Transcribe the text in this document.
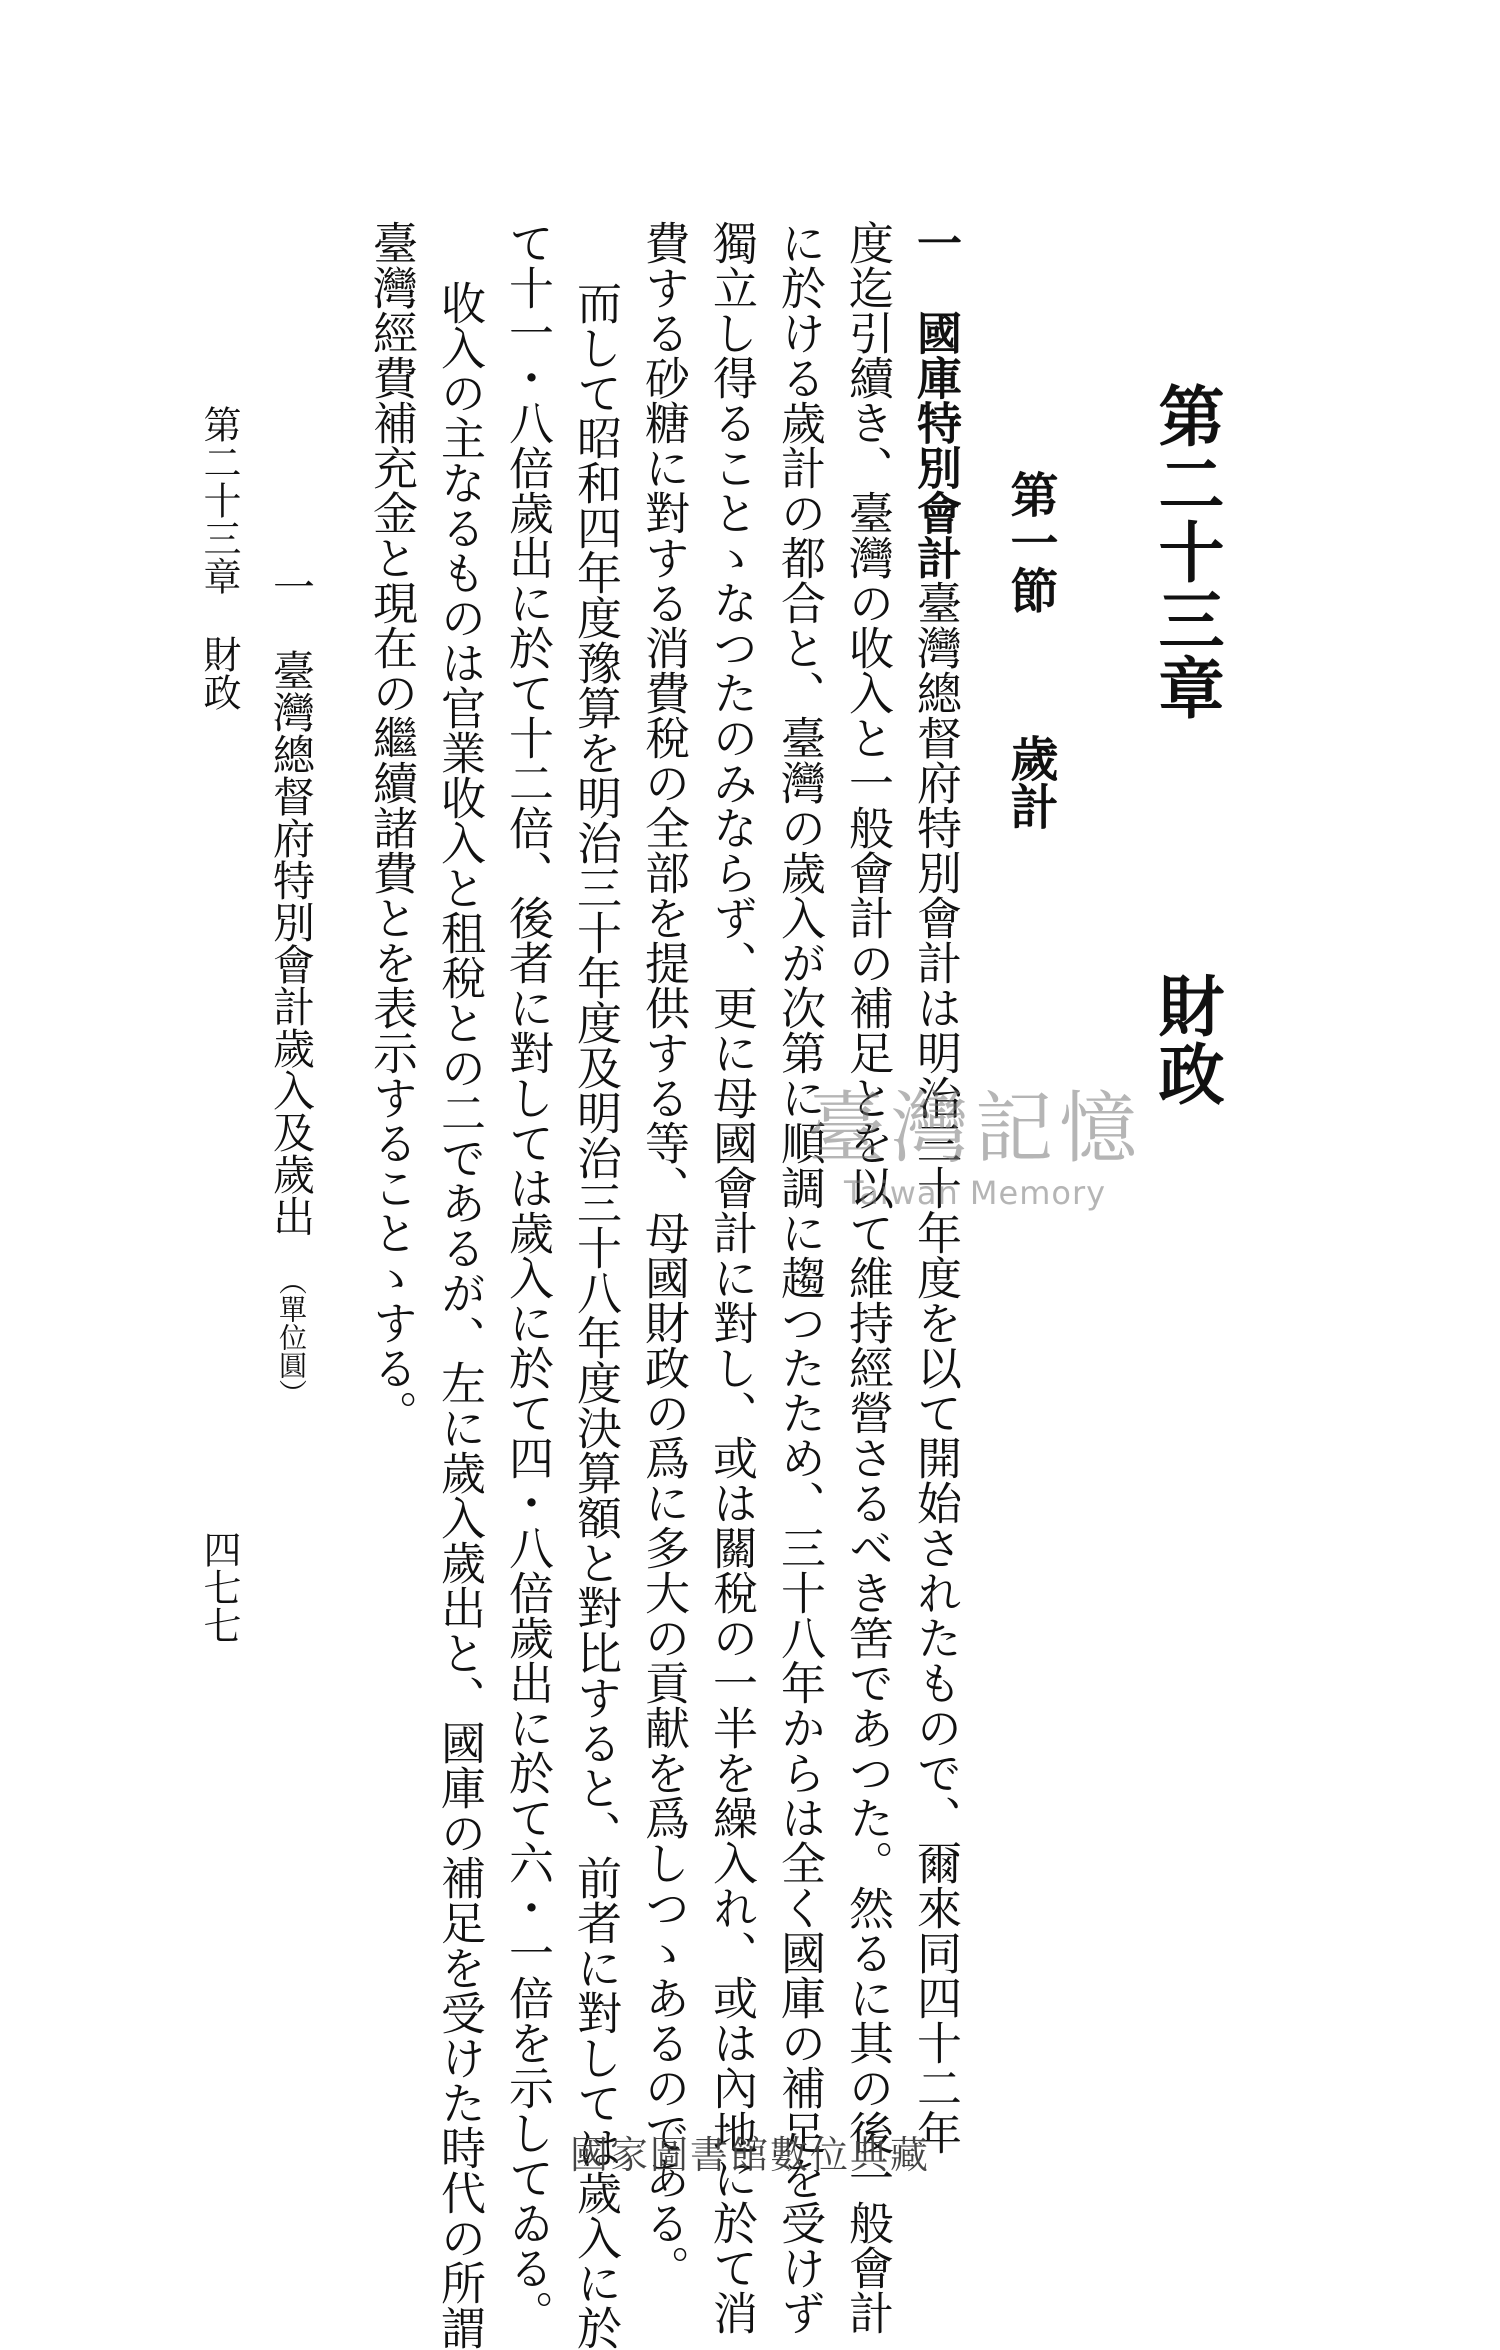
第二十三章財政
第一節歲計
一　國庫特別會計臺灣總督府特別會計は明治三十年度を以て開始されたもので、爾來同四十二年
度迄引續き、臺灣の收入と一般會計の補足とを以て維持經營さるべき筈であつた。然るに其の後一般會計
に於ける歲計の都合と、臺灣の歲入が次第に順調に趨つたため、三十八年からは全く國庫の補足を受けず
獨立し得ることゝなつたのみならず、更に母國會計に對し、或は關稅の一半を繰入れ、或は內地に於て消
費する砂糖に對する消費稅の全部を提供する等、母國財政の爲に多大の貢献を爲しつゝあるのである。
而して昭和四年度豫算を明治三十年度及明治三十八年度決算額と對比すると、前者に對しては歲入に於
て十一・八倍歲出に於て十二倍、後者に對しては歲入に於て四・八倍歲出に於て六・一倍を示してゐる。
收入の主なるものは官業收入と租稅との二であるが、左に歲入歲出と、國庫の補足を受けた時代の所謂
臺灣經費補充金と現在の繼續諸費とを表示することゝする。
一　臺灣總督府特別會計歲入及歲出（單位圓）
第二十三章財政
四七七
臺灣記憶
Taiwan Memory
國家圖書館數位典藏
